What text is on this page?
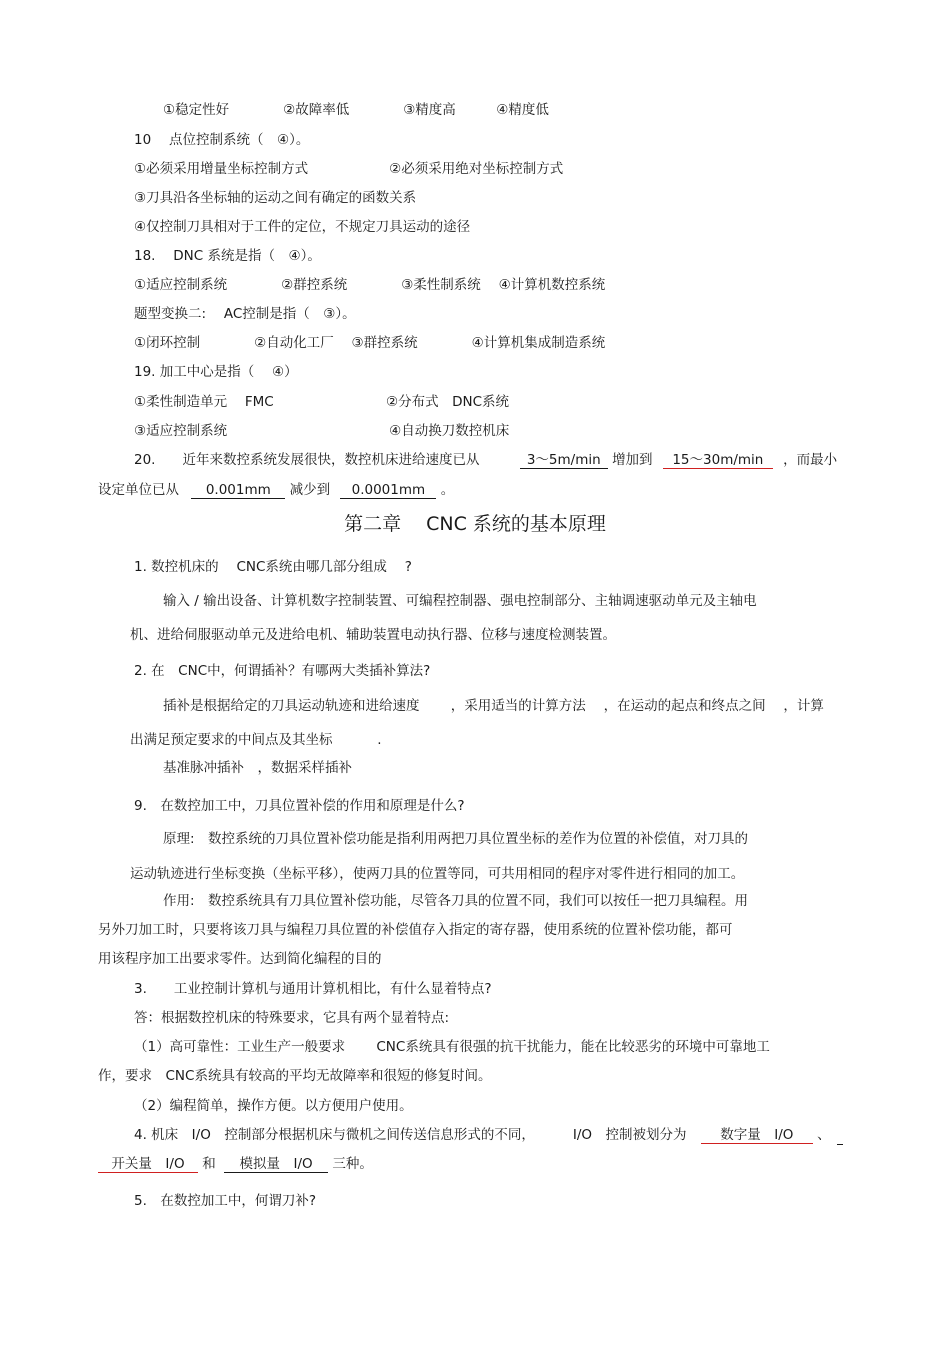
①稳定性好　　　　②故障率低　　　　③精度高　　　④精度低
10　 点位控制系统（　④）。
①必须采用增量坐标控制方式　　　　　　②必须采用绝对坐标控制方式
③刀具沿各坐标轴的运动之间有确定的函数关系
④仅控制刀具相对于工件的定位，不规定刀具运动的途径
18.　 DNC 系统是指（　④）。
①适应控制系统　　　　②群控系统　　　　③柔性制系统　 ④计算机数控系统
题型变换二:　 AC控制是指（　③）。
①闭环控制　　　　②自动化工厂　 ③群控系统　　　　④计算机集成制造系统
19. 加工中心是指（　 ④）
①柔性制造单元　 FMC　　　　　　　　 ②分布式　DNC系统
③适应控制系统　　　　　　　　　　　　④自动换刀数控机床
20.　　近年来数控系统发展很快，数控机床进给速度已从	3～5m/min 增加到 15～30m/min ，而最小
设定单位已从 0.001mm 减少到 0.0001mm 。
第二章　 CNC 系统的基本原理
1. 数控机床的　 CNC系统由哪几部分组成　 ?
输入 / 输出设备、计算机数字控制装置、可编程控制器、强电控制部分、主轴调速驱动单元及主轴电
机、进给伺服驱动单元及进给电机、辅助装置电动执行器、位移与速度检测装置。
2. 在　CNC中，何谓插补？有哪两大类插补算法?
插补是根据给定的刀具运动轨迹和进给速度　　 ，采用适当的计算方法　 ，在运动的起点和终点之间　 ，计算
出满足预定要求的中间点及其坐标　　　 .
基准脉冲插补　，数据采样插补
9.　在数控加工中，刀具位置补偿的作用和原理是什么?
原理:　数控系统的刀具位置补偿功能是指利用两把刀具位置坐标的差作为位置的补偿值，对刀具的
运动轨迹进行坐标变换（坐标平移），使两刀具的位置等同，可共用相同的程序对零件进行相同的加工。
作用:　数控系统具有刀具位置补偿功能，尽管各刀具的位置不同，我们可以按任一把刀具编程。用
另外刀加工时，只要将该刀具与编程刀具位置的补偿值存入指定的寄存器，使用系统的位置补偿功能，都可
用该程序加工出要求零件。达到简化编程的目的
3.　　工业控制计算机与通用计算机相比，有什么显着特点?
答：根据数控机床的特殊要求，它具有两个显着特点:
（1）高可靠性：工业生产一般要求　　 CNC系统具有很强的抗干扰能力，能在比较恶劣的环境中可靠地工
作，要求　CNC系统具有较高的平均无故障率和很短的修复时间。
（2）编程简单，操作方便。以方便用户使用。
4. 机床　I/O　控制部分根据机床与微机之间传送信息形式的不同，　　　 I/O　控制被划分为 数字量　I/O 、
开关量　I/O 和 模拟量　I/O 三种。
5.　在数控加工中，何谓刀补?
